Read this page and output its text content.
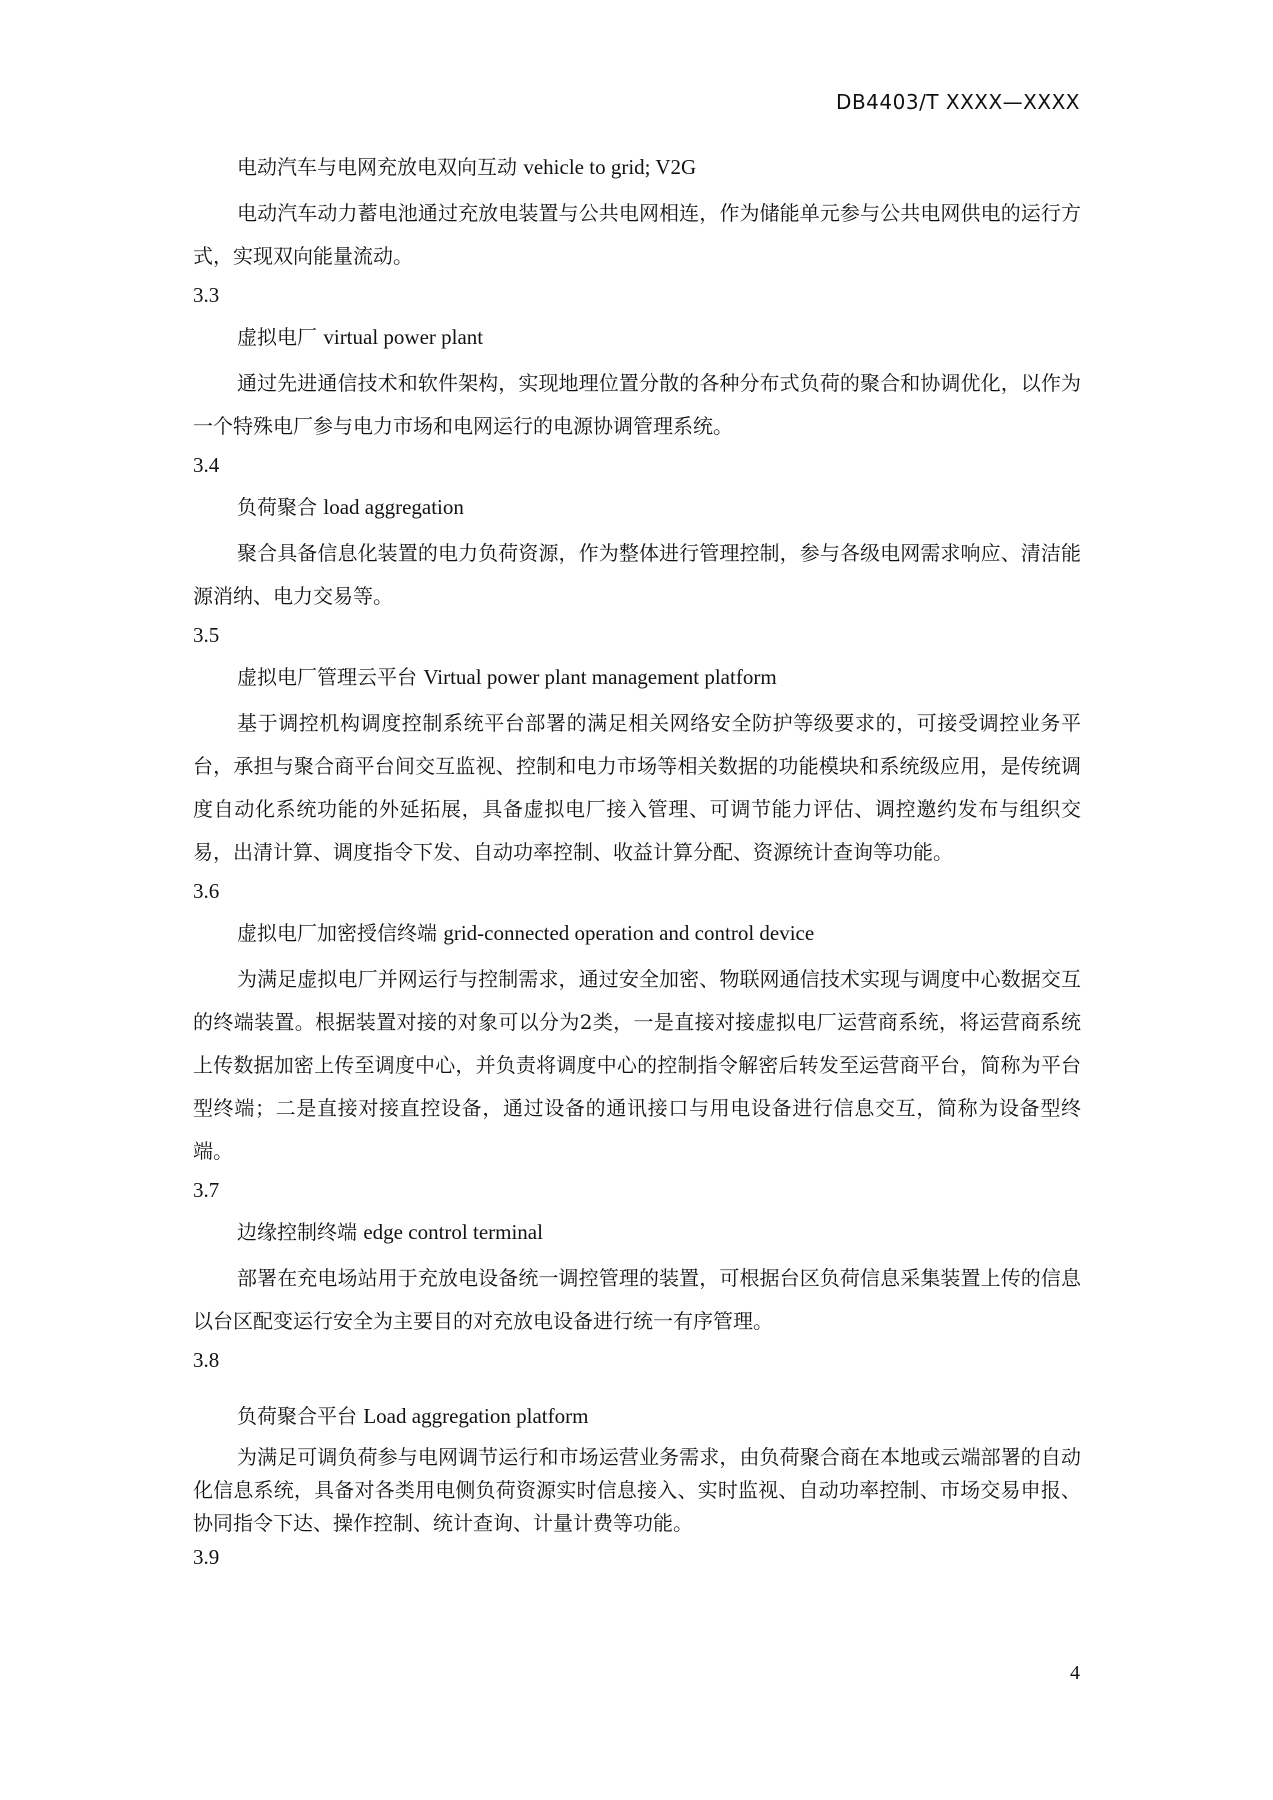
DB4403/T XXXX—XXXX
电动汽车与电网充放电双向互动 vehicle to grid; V2G

电动汽车动力蓄电池通过充放电装置与公共电网相连，作为储能单元参与公共电网供电的运行方式，实现双向能量流动。

3.3
虚拟电厂 virtual power plant

通过先进通信技术和软件架构，实现地理位置分散的各种分布式负荷的聚合和协调优化，以作为一个特殊电厂参与电力市场和电网运行的电源协调管理系统。

3.4
负荷聚合 load aggregation

聚合具备信息化装置的电力负荷资源，作为整体进行管理控制，参与各级电网需求响应、清洁能源消纳、电力交易等。

3.5
虚拟电厂管理云平台 Virtual power plant management platform

基于调控机构调度控制系统平台部署的满足相关网络安全防护等级要求的，可接受调控业务平台，承担与聚合商平台间交互监视、控制和电力市场等相关数据的功能模块和系统级应用，是传统调度自动化系统功能的外延拓展，具备虚拟电厂接入管理、可调节能力评估、调控邀约发布与组织交易，出清计算、调度指令下发、自动功率控制、收益计算分配、资源统计查询等功能。

3.6
虚拟电厂加密授信终端 grid-connected operation and control device

为满足虚拟电厂并网运行与控制需求，通过安全加密、物联网通信技术实现与调度中心数据交互的终端装置。根据装置对接的对象可以分为2类，一是直接对接虚拟电厂运营商系统，将运营商系统上传数据加密上传至调度中心，并负责将调度中心的控制指令解密后转发至运营商平台，简称为平台型终端；二是直接对接直控设备，通过设备的通讯接口与用电设备进行信息交互，简称为设备型终端。

3.7
边缘控制终端 edge control terminal

部署在充电场站用于充放电设备统一调控管理的装置，可根据台区负荷信息采集装置上传的信息以台区配变运行安全为主要目的对充放电设备进行统一有序管理。

3.8
负荷聚合平台 Load aggregation platform

为满足可调负荷参与电网调节运行和市场运营业务需求，由负荷聚合商在本地或云端部署的自动化信息系统，具备对各类用电侧负荷资源实时信息接入、实时监视、自动功率控制、市场交易申报、协同指令下达、操作控制、统计查询、计量计费等功能。

3.9
4
